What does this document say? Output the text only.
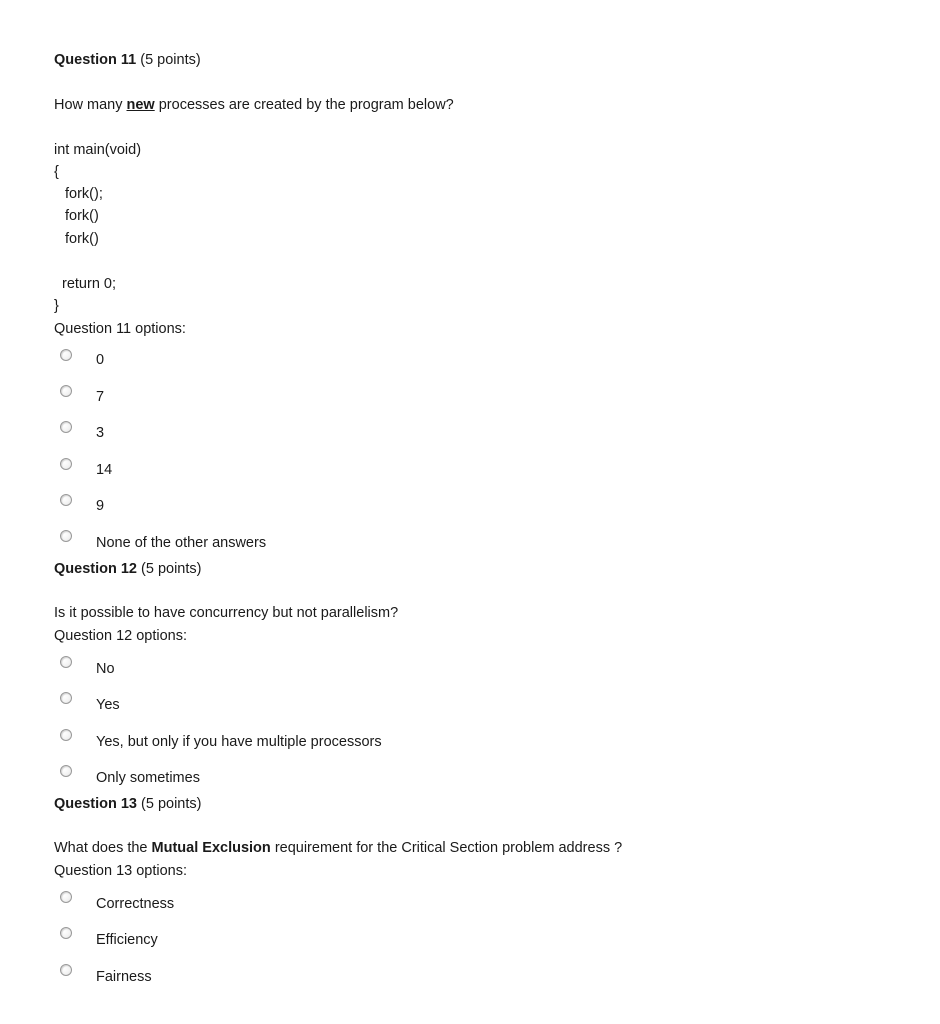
Question 11 (5 points)
How many new processes are created by the program below?
int main(void)
{
fork();
fork()
fork()
return 0;
}
Question 11 options:
0
7
3
14
9
None of the other answers
Question 12 (5 points)
Is it possible to have concurrency but not parallelism?
Question 12 options:
No
Yes
Yes, but only if you have multiple processors
Only sometimes
Question 13 (5 points)
What does the Mutual Exclusion requirement for the Critical Section problem address ?
Question 13 options:
Correctness
Efficiency
Fairness
